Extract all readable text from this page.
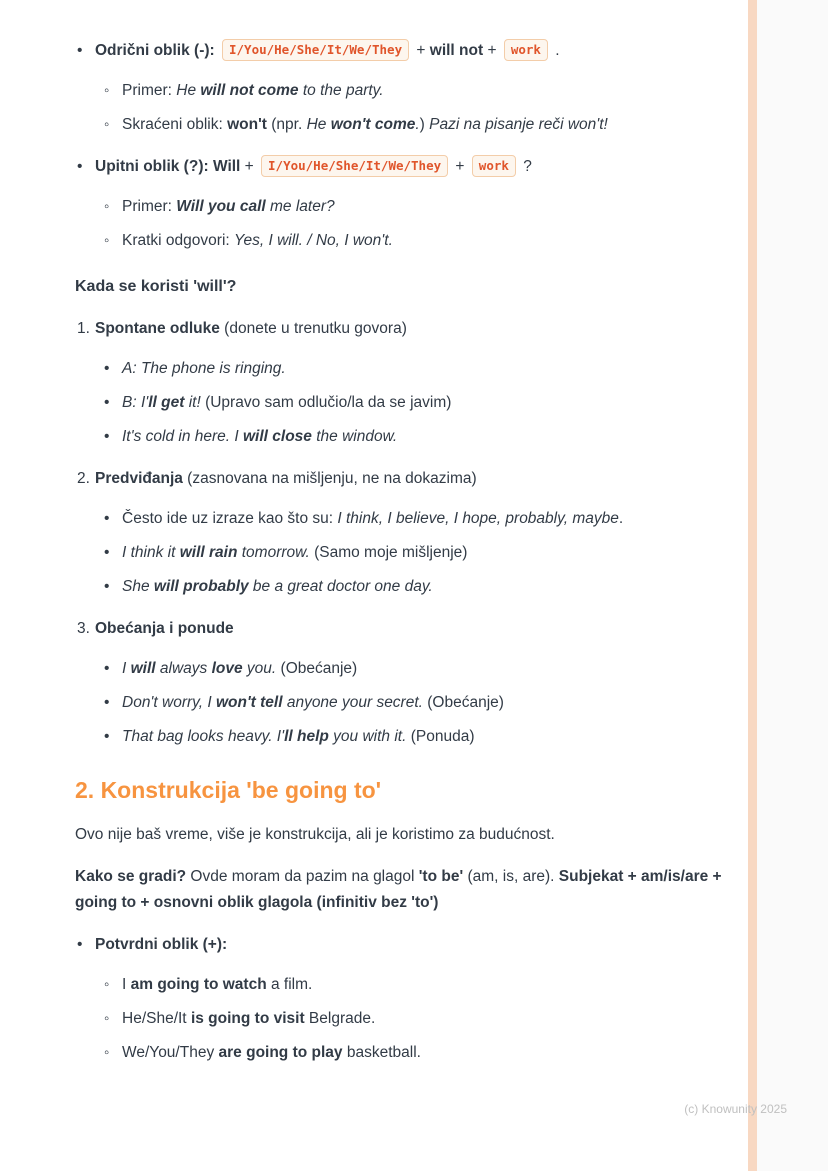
• Odrični oblik (-): I/You/He/She/It/We/They + will not + work .
◦ Primer: He will not come to the party.
◦ Skraćeni oblik: won't (npr. He won't come.) Pazi na pisanje reči won't!
• Upitni oblik (?): Will + I/You/He/She/It/We/They + work ?
◦ Primer: Will you call me later?
◦ Kratki odgovori: Yes, I will. / No, I won't.
Kada se koristi 'will'?
1. Spontane odluke (donete u trenutku govora)
• A: The phone is ringing.
• B: I'll get it! (Upravo sam odlučio/la da se javim)
• It's cold in here. I will close the window.
2. Predviđanja (zasnovana na mišljenju, ne na dokazima)
• Često ide uz izraze kao što su: I think, I believe, I hope, probably, maybe.
• I think it will rain tomorrow. (Samo moje mišljenje)
• She will probably be a great doctor one day.
3. Obećanja i ponude
• I will always love you. (Obećanje)
• Don't worry, I won't tell anyone your secret. (Obećanje)
• That bag looks heavy. I'll help you with it. (Ponuda)
2. Konstrukcija 'be going to'
Ovo nije baš vreme, više je konstrukcija, ali je koristimo za budućnost.
Kako se gradi? Ovde moram da pazim na glagol 'to be' (am, is, are). Subjekat + am/is/are + going to + osnovni oblik glagola (infinitiv bez 'to')
• Potvrdni oblik (+):
◦ I am going to watch a film.
◦ He/She/It is going to visit Belgrade.
◦ We/You/They are going to play basketball.
(c) Knowunity 2025
